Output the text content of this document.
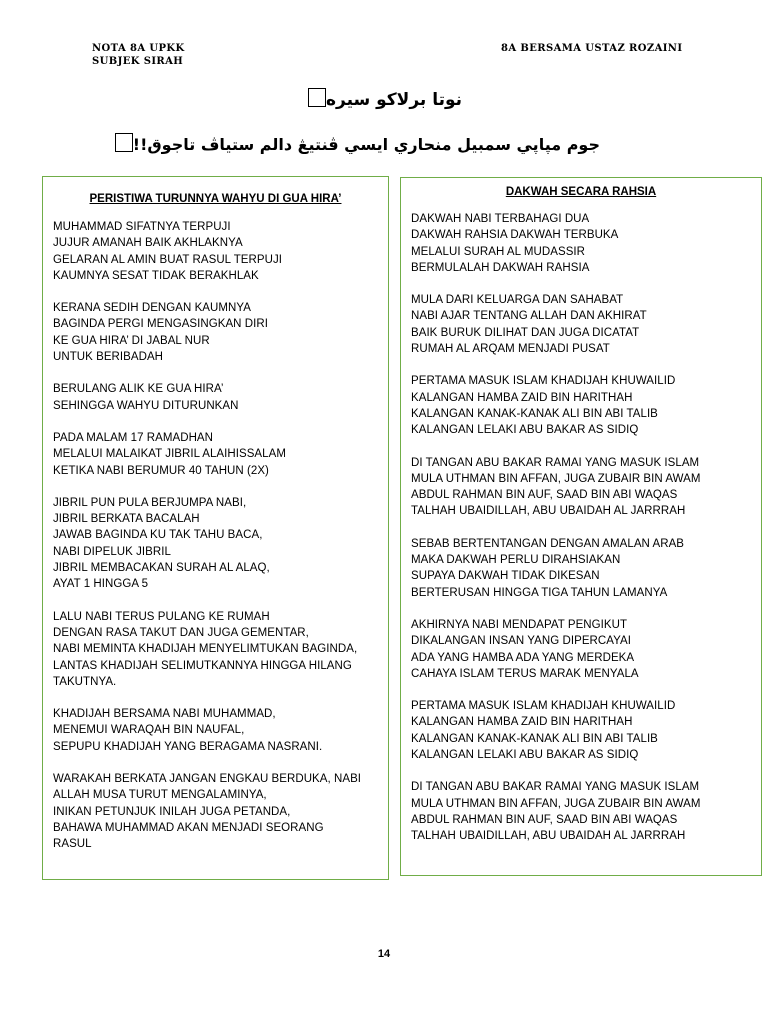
NOTA 8A UPKK
SUBJEK SIRAH
8A BERSAMA USTAZ ROZAINI
نوتا برلاكو سيره
جوم مپاپي سمبيل منحاري ايسي ڤنتيڠ دالم ستياڤ تاجوق!!
PERISTIWA TURUNNYA WAHYU DI GUA HIRA’
MUHAMMAD SIFATNYA TERPUJI
JUJUR AMANAH BAIK AKHLAKNYA
GELARAN AL AMIN BUAT RASUL TERPUJI
KAUMNYA SESAT TIDAK BERAKHLAK
KERANA SEDIH DENGAN KAUMNYA
BAGINDA PERGI MENGASINGKAN DIRI
KE GUA HIRA’ DI JABAL NUR
UNTUK BERIBADAH
BERULANG ALIK KE GUA HIRA’
SEHINGGA WAHYU DITURUNKAN
PADA MALAM 17 RAMADHAN
MELALUI MALAIKAT JIBRIL ALAIHISSALAM
KETIKA NABI BERUMUR 40 TAHUN (2X)
JIBRIL PUN PULA BERJUMPA NABI,
JIBRIL BERKATA BACALAH
JAWAB BAGINDA KU TAK TAHU BACA,
NABI DIPELUK JIBRIL
JIBRIL MEMBACAKAN SURAH AL ALAQ,
AYAT 1 HINGGA 5
LALU NABI TERUS PULANG KE RUMAH
DENGAN RASA TAKUT DAN JUGA GEMENTAR,
NABI MEMINTA KHADIJAH MENYELIMTUKAN BAGINDA,
LANTAS KHADIJAH SELIMUTKANNYA HINGGA HILANG
TAKUTNYA.
KHADIJAH BERSAMA NABI MUHAMMAD,
MENEMUI WARAQAH BIN NAUFAL,
SEPUPU KHADIJAH YANG BERAGAMA NASRANI.
WARAKAH BERKATA JANGAN ENGKAU BERDUKA, NABI
ALLAH MUSA TURUT MENGALAMINYA,
INIKAN PETUNJUK INILAH JUGA PETANDA,
BAHAWA MUHAMMAD AKAN MENJADI SEORANG
RASUL
DAKWAH SECARA RAHSIA
DAKWAH NABI TERBAHAGI DUA
DAKWAH RAHSIA DAKWAH TERBUKA
MELALUI SURAH AL MUDASSIR
BERMULALAH DAKWAH RAHSIA
MULA DARI KELUARGA DAN SAHABAT
NABI AJAR TENTANG ALLAH DAN AKHIRAT
BAIK BURUK DILIHAT DAN JUGA DICATAT
RUMAH AL ARQAM MENJADI PUSAT
PERTAMA MASUK ISLAM KHADIJAH KHUWAILID
KALANGAN HAMBA ZAID BIN HARITHAH
KALANGAN KANAK-KANAK ALI BIN ABI TALIB
KALANGAN LELAKI ABU BAKAR AS SIDIQ
DI TANGAN ABU BAKAR RAMAI YANG MASUK ISLAM
MULA UTHMAN BIN AFFAN, JUGA ZUBAIR BIN AWAM
ABDUL RAHMAN BIN AUF, SAAD BIN ABI WAQAS
TALHAH UBAIDILLAH, ABU UBAIDAH AL JARRRAH
SEBAB BERTENTANGAN DENGAN AMALAN ARAB
MAKA DAKWAH PERLU DIRAHSIAKAN
SUPAYA DAKWAH TIDAK DIKESAN
BERTERUSAN HINGGA TIGA TAHUN LAMANYA
AKHIRNYA NABI MENDAPAT PENGIKUT
DIKALANGAN INSAN YANG DIPERCAYAI
ADA YANG HAMBA ADA YANG MERDEKA
CAHAYA ISLAM TERUS MARAK MENYALA
PERTAMA MASUK ISLAM KHADIJAH KHUWAILID
KALANGAN HAMBA ZAID BIN HARITHAH
KALANGAN KANAK-KANAK ALI BIN ABI TALIB
KALANGAN LELAKI ABU BAKAR AS SIDIQ
DI TANGAN ABU BAKAR RAMAI YANG MASUK ISLAM
MULA UTHMAN BIN AFFAN, JUGA ZUBAIR BIN AWAM
ABDUL RAHMAN BIN AUF, SAAD BIN ABI WAQAS
TALHAH UBAIDILLAH, ABU UBAIDAH AL JARRRAH
14
